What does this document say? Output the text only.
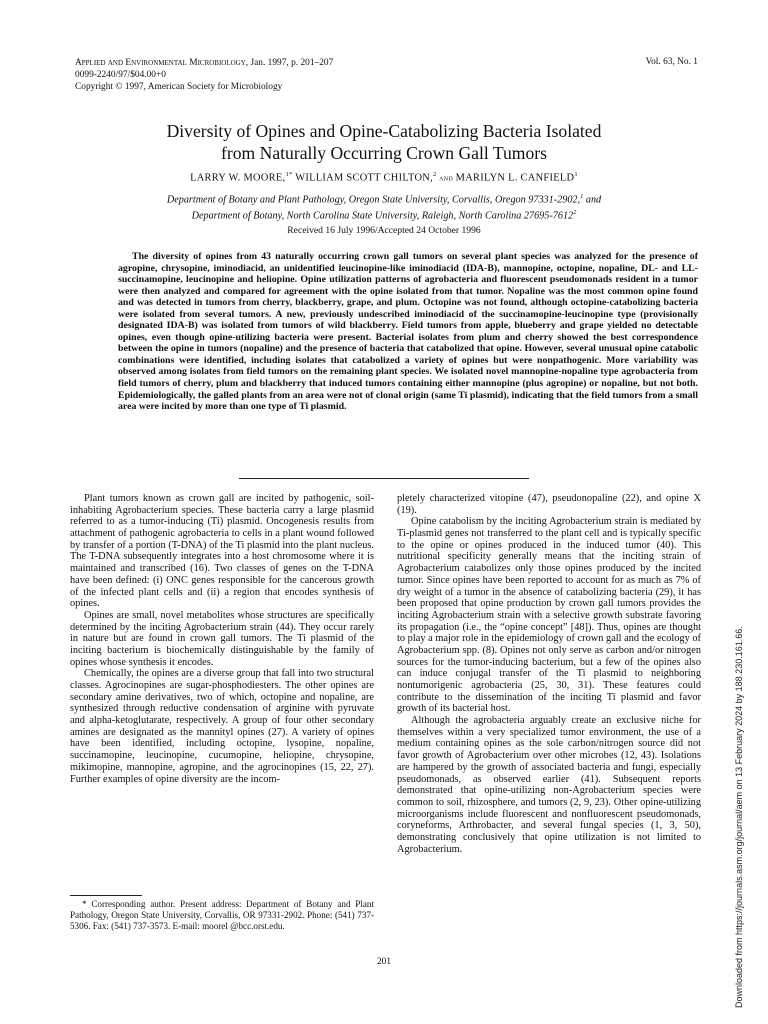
Applied and Environmental Microbiology, Jan. 1997, p. 201–207
0099-2240/97/$04.00+0
Copyright © 1997, American Society for Microbiology
Vol. 63, No. 1
Diversity of Opines and Opine-Catabolizing Bacteria Isolated
from Naturally Occurring Crown Gall Tumors
LARRY W. MOORE,$^{1*}$ WILLIAM SCOTT CHILTON,$^2$ and MARILYN L. CANFIELD$^1$
Department of Botany and Plant Pathology, Oregon State University, Corvallis, Oregon 97331-2902,$^1$ and
Department of Botany, North Carolina State University, Raleigh, North Carolina 27695-7612$^2$
Received 16 July 1996/Accepted 24 October 1996

The diversity of opines from 43 naturally occurring crown gall tumors on several plant species was analyzed for the presence of agropine, chrysopine, iminodiacid, an unidentified leucinopine-like iminodiacid (IDA-B), mannopine, octopine, nopaline, DL- and LL-succinamopine, leucinopine and heliopine. Opine utilization patterns of agrobacteria and fluorescent pseudomonads resident in a tumor were then analyzed and compared for agreement with the opine isolated from that tumor. Nopaline was the most common opine found and was detected in tumors from cherry, blackberry, grape, and plum. Octopine was not found, although octopine-catabolizing bacteria were isolated from several tumors. A new, previously undescribed iminodiacid of the succinamopine-leucinopine type (provisionally designated IDA-B) was isolated from tumors of wild blackberry. Field tumors from apple, blueberry and grape yielded no detectable opines, even though opine-utilizing bacteria were present. Bacterial isolates from plum and cherry showed the best correspondence between the opine in tumors (nopaline) and the presence of bacteria that catabolized that opine. However, several unusual opine catabolic combinations were identified, including isolates that catabolized a variety of opines but were nonpathogenic. More variability was observed among isolates from field tumors on the remaining plant species. We isolated novel mannopine-nopaline type agrobacteria from field tumors of cherry, plum and blackberry that induced tumors containing either mannopine (plus agropine) or nopaline, but not both. Epidemiologically, the galled plants from an area were not of clonal origin (same Ti plasmid), indicating that the field tumors from a small area were incited by more than one type of Ti plasmid.

Plant tumors known as crown gall are incited by pathogenic, soil-inhabiting Agrobacterium species. These bacteria carry a large plasmid referred to as a tumor-inducing (Ti) plasmid. Oncogenesis results from attachment of pathogenic agrobacteria to cells in a plant wound followed by transfer of a portion (T-DNA) of the Ti plasmid into the plant nucleus. The T-DNA subsequently integrates into a host chromosome where it is maintained and transcribed (16). Two classes of genes on the T-DNA have been defined: (i) ONC genes responsible for the cancerous growth of the infected plant cells and (ii) a region that encodes synthesis of opines.

Opines are small, novel metabolites whose structures are specifically determined by the inciting Agrobacterium strain (44). They occur rarely in nature but are found in crown gall tumors. The Ti plasmid of the inciting bacterium is biochemically distinguishable by the family of opines whose synthesis it encodes.

Chemically, the opines are a diverse group that fall into two structural classes. Agrocinopines are sugar-phosphodiesters. The other opines are secondary amine derivatives, two of which, octopine and nopaline, are synthesized through reductive condensation of arginine with pyruvate and alpha-ketoglutarate, respectively. A group of four other secondary amines are designated as the mannityl opines (27). A variety of opines have been identified, including octopine, lysopine, nopaline, succinamopine, leucinopine, cucumopine, heliopine, chrysopine, mikimopine, mannopine, agropine, and the agrocinopines (15, 22, 27). Further examples of opine diversity are the incom-

pletely characterized vitopine (47), pseudonopaline (22), and opine X (19).

Opine catabolism by the inciting Agrobacterium strain is mediated by Ti-plasmid genes not transferred to the plant cell and is typically specific to the opine or opines produced in the induced tumor (40). This nutritional specificity generally means that the inciting strain of Agrobacterium catabolizes only those opines produced by the incited tumor. Since opines have been reported to account for as much as 7% of dry weight of a tumor in the absence of catabolizing bacteria (29), it has been proposed that opine production by crown gall tumors provides the inciting Agrobacterium strain with a selective growth substrate favoring its propagation (i.e., the “opine concept” [48]). Thus, opines are thought to play a major role in the epidemiology of crown gall and the ecology of Agrobacterium spp. (8). Opines not only serve as carbon and/or nitrogen sources for the tumor-inducing bacterium, but a few of the opines also can induce conjugal transfer of the Ti plasmid to neighboring nontumorigenic agrobacteria (25, 30, 31). These features could contribute to the dissemination of the inciting Ti plasmid and favor growth of its bacterial host.

Although the agrobacteria arguably create an exclusive niche for themselves within a very specialized tumor environment, the use of a medium containing opines as the sole carbon/nitrogen source did not favor growth of Agrobacterium over other microbes (12, 43). Isolations are hampered by the growth of associated bacteria and fungi, especially pseudomonads, as observed earlier (41). Subsequent reports demonstrated that opine-utilizing non-Agrobacterium species were common to soil, rhizosphere, and tumors (2, 9, 23). Other opine-utilizing microorganisms include fluorescent and nonfluorescent pseudomonads, coryneforms, Arthrobacter, and several fungal species (1, 3, 50), demonstrating conclusively that opine utilization is not limited to Agrobacterium.

* Corresponding author. Present address: Department of Botany and Plant Pathology, Oregon State University, Corvallis, OR 97331-2902. Phone: (541) 737-5306. Fax: (541) 737-3573. E-mail: moorel @bcc.orst.edu.
201	Downloaded from https://journals.asm.org/journal/aem on 13 February 2024 by 188.230.161.66.
